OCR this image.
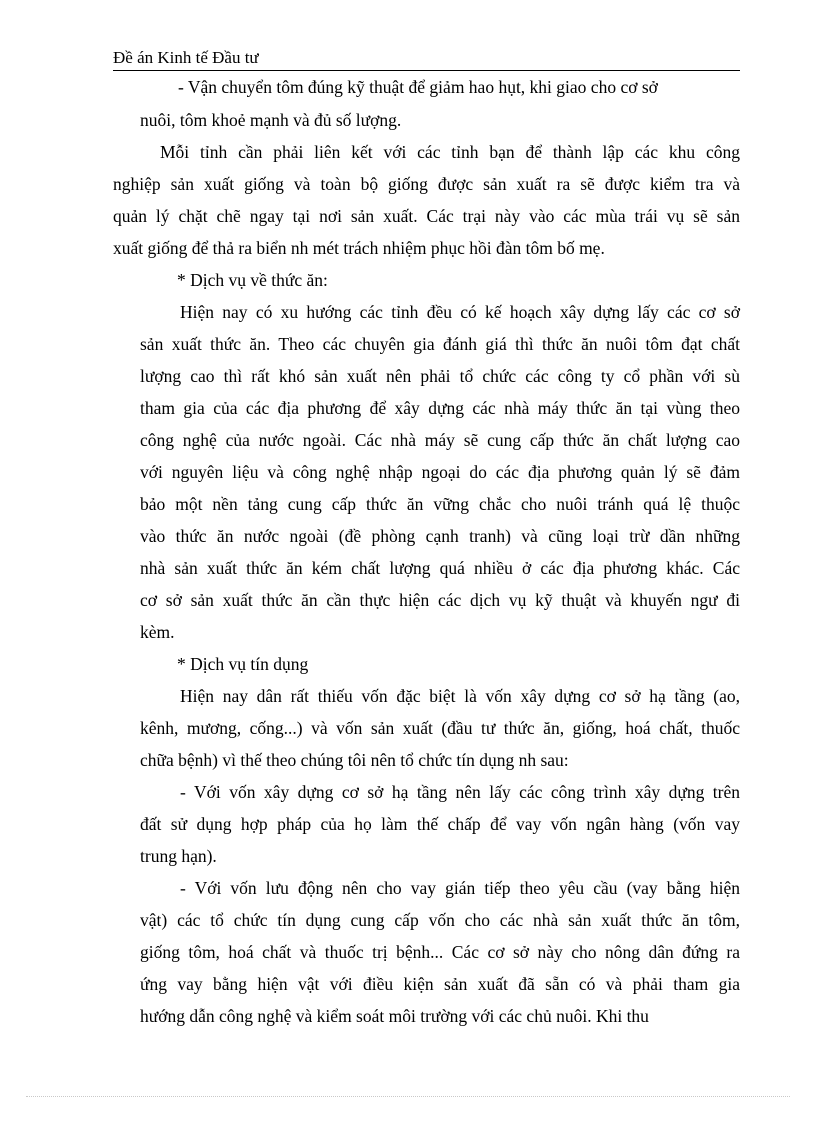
Đề án Kinh tế Đầu tư
- Vận chuyển tôm đúng kỹ thuật để giảm hao hụt, khi giao cho cơ sở
nuôi, tôm khoẻ mạnh và đủ số lượng.
Mỗi tỉnh cần phải liên kết với các tỉnh bạn để thành lập các khu công
nghiệp sản xuất giống và toàn bộ giống được sản xuất ra sẽ được kiểm tra và
quản lý chặt chẽ ngay tại nơi sản xuất. Các trại này vào các mùa trái vụ sẽ sản
xuất giống để thả ra biển nh mét trách nhiệm phục hồi đàn tôm bố mẹ.
* Dịch vụ về thức ăn:
Hiện nay có xu hướng các tỉnh đều có kế hoạch xây dựng lấy các cơ sở
sản xuất thức ăn. Theo các chuyên gia đánh giá thì thức ăn nuôi tôm đạt chất
lượng cao thì rất khó sản xuất nên phải tổ chức các công ty cổ phần với sù
tham gia của các địa phương để xây dựng các nhà máy thức ăn tại vùng theo
công nghệ của nước ngoài. Các nhà máy sẽ cung cấp thức ăn chất lượng cao
với nguyên liệu và công nghệ nhập ngoại do các địa phương quản lý sẽ đảm
bảo một nền tảng cung cấp thức ăn vững chắc cho nuôi tránh quá lệ thuộc
vào thức ăn nước ngoài (đề phòng cạnh tranh) và cũng loại trừ dần những
nhà sản xuất thức ăn kém chất lượng quá nhiều ở các địa phương khác. Các
cơ sở sản xuất thức ăn cần thực hiện các dịch vụ kỹ thuật và khuyến ngư đi
kèm.
* Dịch vụ tín dụng
Hiện nay dân rất thiếu vốn đặc biệt là vốn xây dựng cơ sở hạ tầng (ao,
kênh, mương, cống...) và vốn sản xuất (đầu tư thức ăn, giống, hoá chất, thuốc
chữa bệnh) vì thế theo chúng tôi nên tổ chức tín dụng nh sau:
- Với vốn xây dựng cơ sở hạ tầng nên lấy các công trình xây dựng trên
đất sử dụng hợp pháp của họ làm thế chấp để vay vốn ngân hàng (vốn vay
trung hạn).
- Với vốn lưu động nên cho vay gián tiếp theo yêu cầu (vay bằng hiện
vật) các tổ chức tín dụng cung cấp vốn cho các nhà sản xuất thức ăn tôm,
giống tôm, hoá chất và thuốc trị bệnh... Các cơ sở này cho nông dân đứng ra
ứng vay bằng hiện vật với điều kiện sản xuất đã sẵn có và phải tham gia
hướng dẫn công nghệ và kiểm soát môi trường với các chủ nuôi. Khi thu
